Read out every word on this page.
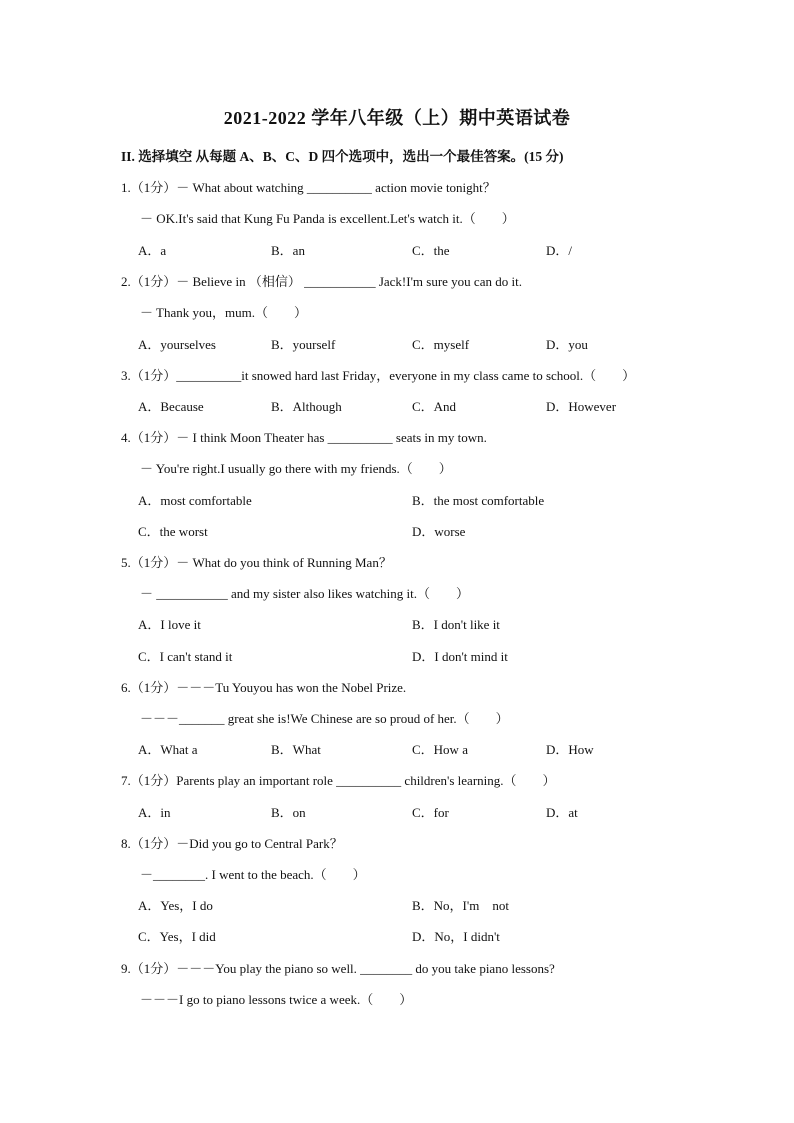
2021-2022 学年八年级（上）期中英语试卷
II. 选择填空 从每题 A、B、C、D 四个选项中，选出一个最佳答案。(15 分)
1.（1分）－ What about watching __________ action movie tonight？
－ OK.It's said that Kung Fu Panda is excellent.Let's watch it.（　　）
A．a	B．an	C．the	D．/
2.（1分）－ Believe in （相信） ___________ Jack!I'm sure you can do it.
－ Thank you，mum.（　　）
A．yourselves	B．yourself	C．myself	D．you
3.（1分）__________it snowed hard last Friday，everyone in my class came to school.（　　）
A．Because	B．Although	C．And	D．However
4.（1分）－ I think Moon Theater has __________ seats in my town.
－ You're right.I usually go there with my friends.（　　）
A．most comfortable	B．the most comfortable
C．the worst	D．worse
5.（1分）－ What do you think of Running Man？
－ ___________ and my sister also likes watching it.（　　）
A．I love it	B．I don't like it
C．I can't stand it	D．I don't mind it
6.（1分）－－－Tu Youyou has won the Nobel Prize.
－－－_______ great she is!We Chinese are so proud of her.（　　）
A．What a	B．What	C．How a	D．How
7.（1分）Parents play an important role __________ children's learning.（　　）
A．in	B．on	C．for	D．at
8.（1分）－Did you go to Central Park？
－________. I went to the beach.（　　）
A．Yes，I do	B．No，I'm　not
C．Yes，I did	D．No，I didn't
9.（1分）－－－You play the piano so well. ________ do you take piano lessons?
－－－I go to piano lessons twice a week.（　　）
